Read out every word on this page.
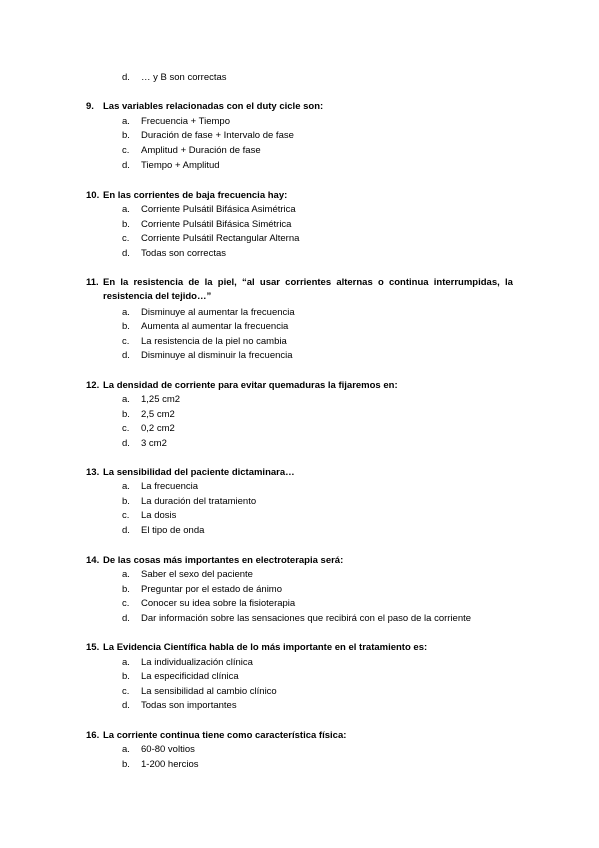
d. … y B son correctas
9. Las variables relacionadas con el duty cicle son:
a. Frecuencia + Tiempo
b. Duración de fase + Intervalo de fase
c. Amplitud + Duración de fase
d. Tiempo + Amplitud
10. En las corrientes de baja frecuencia hay:
a. Corriente Pulsátil Bifásica Asimétrica
b. Corriente Pulsátil Bifásica Simétrica
c. Corriente Pulsátil Rectangular Alterna
d. Todas son correctas
11. En la resistencia de la piel, “al usar corrientes alternas o continua interrumpidas, la
resistencia del tejido…”
a. Disminuye al aumentar la frecuencia
b. Aumenta al aumentar la frecuencia
c. La resistencia de la piel no cambia
d. Disminuye al disminuir la frecuencia
12. La densidad de corriente para evitar quemaduras la fijaremos en:
a. 1,25 cm2
b. 2,5 cm2
c. 0,2 cm2
d. 3 cm2
13. La sensibilidad del paciente dictaminara…
a. La frecuencia
b. La duración del tratamiento
c. La dosis
d. El tipo de onda
14. De las cosas más importantes en electroterapia será:
a. Saber el sexo del paciente
b. Preguntar por el estado de ánimo
c. Conocer su idea sobre la fisioterapia
d. Dar información sobre las sensaciones que recibirá con el paso de la corriente
15. La Evidencia Científica habla de lo más importante en el tratamiento es:
a. La individualización clínica
b. La especificidad clínica
c. La sensibilidad al cambio clínico
d. Todas son importantes
16. La corriente continua tiene como característica física:
a. 60-80 voltios
b. 1-200 hercios
